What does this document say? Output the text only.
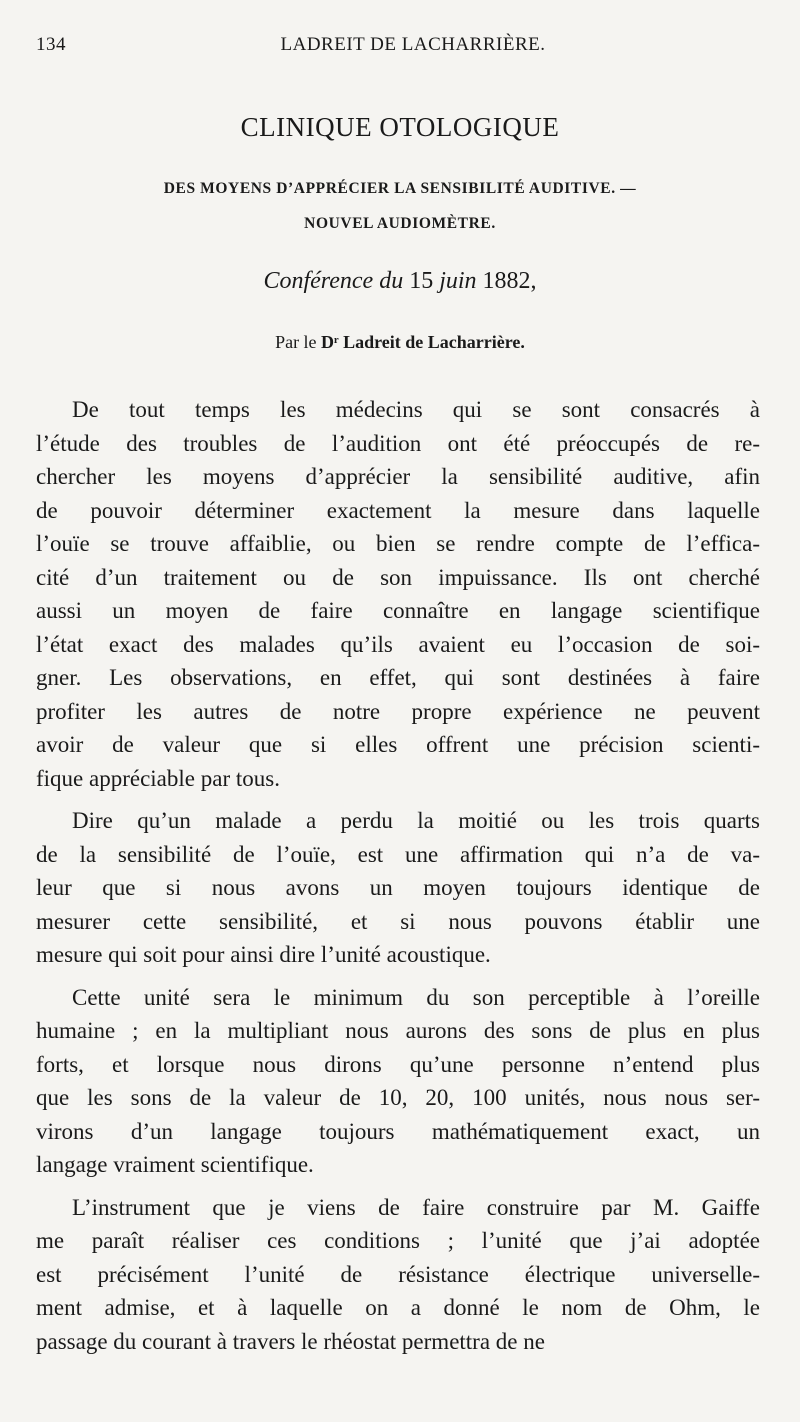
134	LADREIT DE LACHARRIÈRE.
CLINIQUE OTOLOGIQUE
DES MOYENS D’APPRÉCIER LA SENSIBILITÉ AUDITIVE. —
NOUVEL AUDIOMÈTRE.
Conférence du 15 juin 1882,
Par le Dʳ Ladreit de Lacharrière.
De tout temps les médecins qui se sont consacrés à
l’étude des troubles de l’audition ont été préoccupés de re-
chercher les moyens d’apprécier la sensibilité auditive, afin
de pouvoir déterminer exactement la mesure dans laquelle
l’ouïe se trouve affaiblie, ou bien se rendre compte de l’effica-
cité d’un traitement ou de son impuissance. Ils ont cherché
aussi un moyen de faire connaître en langage scientifique
l’état exact des malades qu’ils avaient eu l’occasion de soi-
gner. Les observations, en effet, qui sont destinées à faire
profiter les autres de notre propre expérience ne peuvent
avoir de valeur que si elles offrent une précision scienti-
fique appréciable par tous.
Dire qu’un malade a perdu la moitié ou les trois quarts
de la sensibilité de l’ouïe, est une affirmation qui n’a de va-
leur que si nous avons un moyen toujours identique de
mesurer cette sensibilité, et si nous pouvons établir une
mesure qui soit pour ainsi dire l’unité acoustique.
Cette unité sera le minimum du son perceptible à l’oreille
humaine ; en la multipliant nous aurons des sons de plus en plus
forts, et lorsque nous dirons qu’une personne n’entend plus
que les sons de la valeur de 10, 20, 100 unités, nous nous ser-
virons d’un langage toujours mathématiquement exact, un
langage vraiment scientifique.
L’instrument que je viens de faire construire par M. Gaiffe
me paraît réaliser ces conditions ; l’unité que j’ai adoptée
est précisément l’unité de résistance électrique universelle-
ment admise, et à laquelle on a donné le nom de Ohm, le
passage du courant à travers le rhéostat permettra de ne
